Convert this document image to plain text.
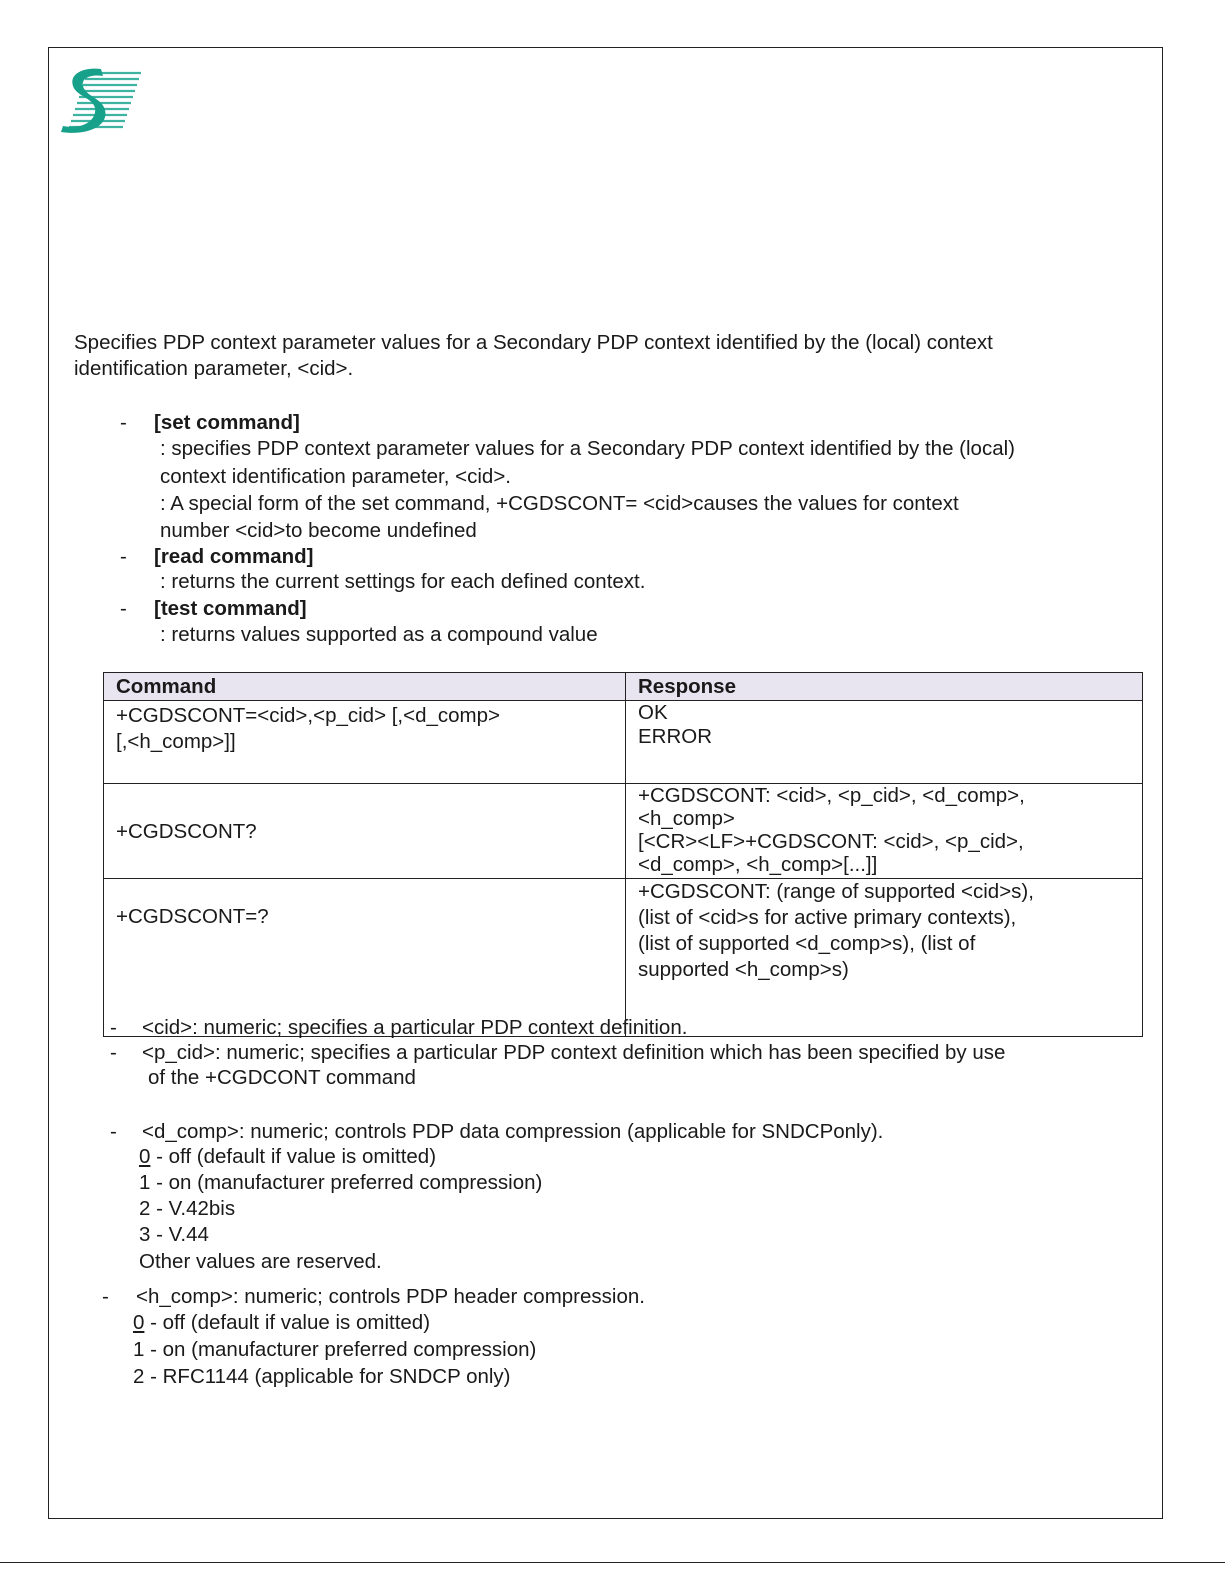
Specifies PDP context parameter values for a Secondary PDP context identified by the (local) context
identification parameter, <cid>.
- [set command]
: specifies PDP context parameter values for a Secondary PDP context identified by the (local)
context identification parameter, <cid>.
: A special form of the set command, +CGDSCONT= <cid>causes the values for context
number <cid>to become undefined
- [read command]
: returns the current settings for each defined context.
- [test command]
: returns values supported as a compound value
Command	Response
+CGDSCONT=<cid>,<p_cid> [,<d_comp>
[,<h_comp>]]	OK
ERROR
+CGDSCONT?	+CGDSCONT: <cid>, <p_cid>, <d_comp>,
<h_comp>
[<CR><LF>+CGDSCONT: <cid>, <p_cid>,
<d_comp>, <h_comp>[...]]
+CGDSCONT=?	+CGDSCONT: (range of supported <cid>s),
(list of <cid>s for active primary contexts),
(list of supported <d_comp>s), (list of
supported <h_comp>s)
- <cid>: numeric; specifies a particular PDP context definition.
- <p_cid>: numeric; specifies a particular PDP context definition which has been specified by use
of the +CGDCONT command
- <d_comp>: numeric; controls PDP data compression (applicable for SNDCPonly).
0 - off (default if value is omitted)
1 - on (manufacturer preferred compression)
2 - V.42bis
3 - V.44
Other values are reserved.
- <h_comp>: numeric; controls PDP header compression.
0 - off (default if value is omitted)
1 - on (manufacturer preferred compression)
2 - RFC1144 (applicable for SNDCP only)
